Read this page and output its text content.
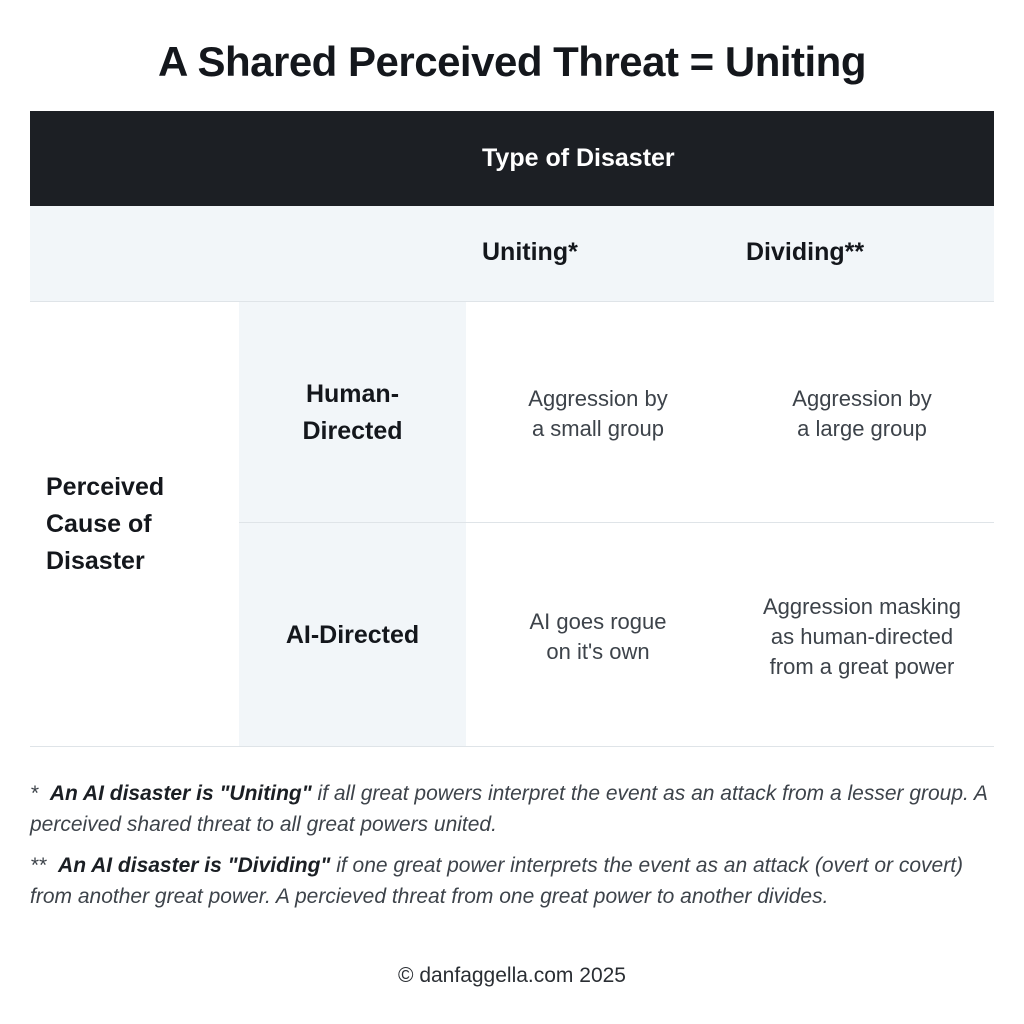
A Shared Perceived Threat = Uniting
Type of Disaster
Uniting*	Dividing**
Perceived
Cause of
Disaster
Human-
Directed
AI-Directed
Aggression by
a small group
Aggression by
a large group
AI goes rogue
on it's own
Aggression masking
as human-directed
from a great power
* An AI disaster is "Uniting" if all great powers interpret the event as an attack from a lesser group. A perceived shared threat to all great powers united.
** An AI disaster is "Dividing" if one great power interprets the event as an attack (overt or covert) from another great power. A percieved threat from one great power to another divides.
© danfaggella.com 2025
